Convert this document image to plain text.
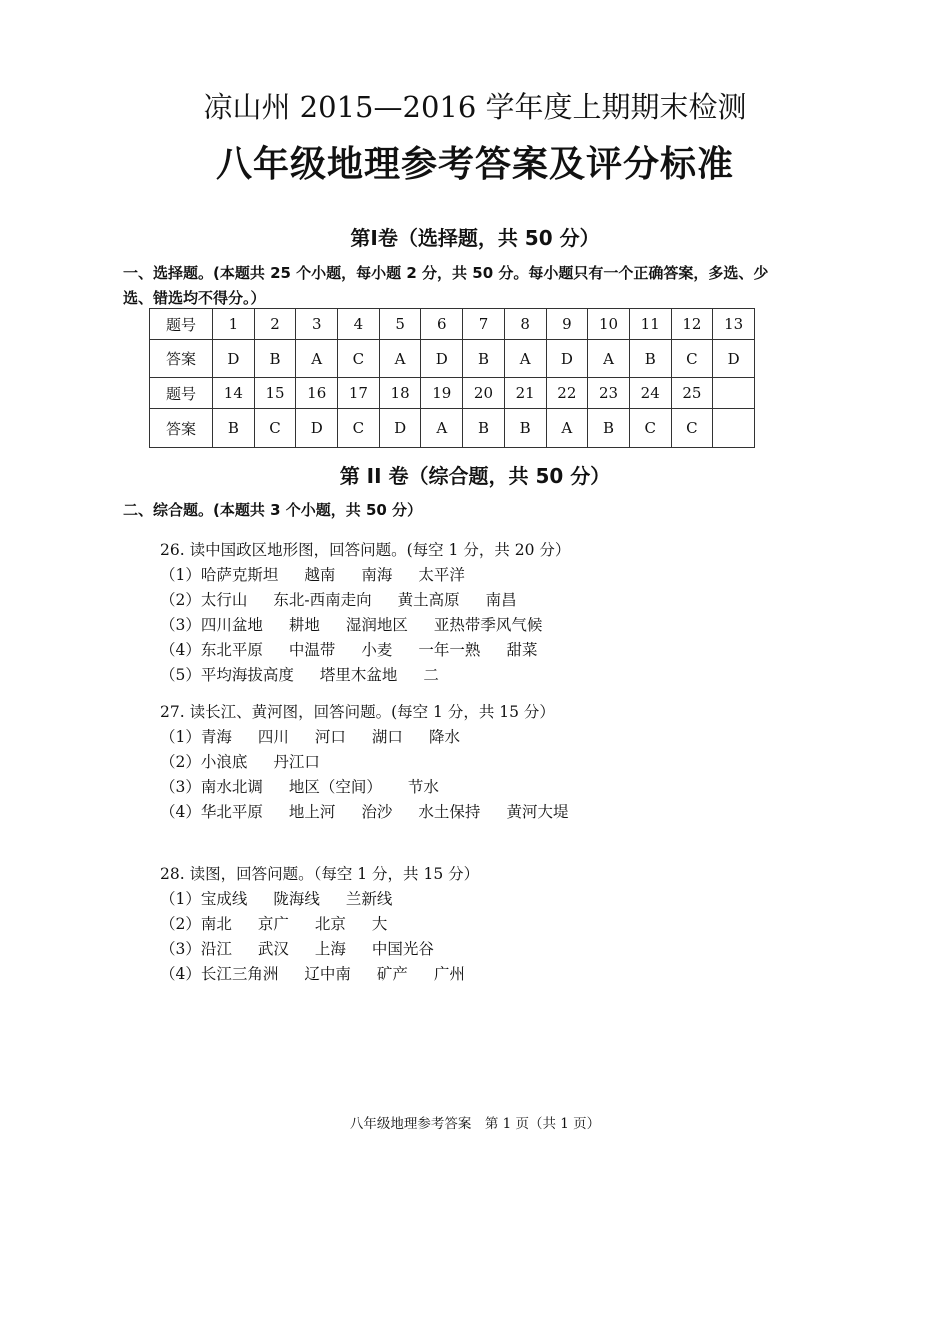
凉山州 2015—2016 学年度上期期末检测
八年级地理参考答案及评分标准
第Ⅰ卷（选择题，共 50 分）
一、选择题。(本题共 25 个小题，每小题 2 分，共 50 分。每小题只有一个正确答案，多选、少
选、错选均不得分。）
题号	1	2	3	4	5	6	7	8	9	10	11	12	13
答案	D	B	A	C	A	D	B	A	D	A	B	C	D
题号	14	15	16	17	18	19	20	21	22	23	24	25	
答案	B	C	D	C	D	A	B	B	A	B	C	C	
第 II 卷（综合题，共 50 分）
二、综合题。(本题共 3 个小题，共 50 分）
26. 读中国政区地形图，回答问题。(每空 1 分，共 20 分）
（1）哈萨克斯坦 越南 南海 太平洋
（2）太行山 东北-西南走向 黄土高原 南昌
（3）四川盆地 耕地 湿润地区 亚热带季风气候
（4）东北平原 中温带 小麦 一年一熟 甜菜
（5）平均海拔高度 塔里木盆地 二
27. 读长江、黄河图，回答问题。(每空 1 分，共 15 分）
（1）青海 四川 河口 湖口 降水
（2）小浪底 丹江口
（3）南水北调 地区（空间） 节水
（4）华北平原 地上河 治沙 水土保持 黄河大堤
28. 读图，回答问题。（每空 1 分，共 15 分）
（1）宝成线 陇海线 兰新线
（2）南北 京广 北京 大
（3）沿江 武汉 上海 中国光谷
（4）长江三角洲 辽中南 矿产 广州
八年级地理参考答案　第 1 页（共 1 页）
